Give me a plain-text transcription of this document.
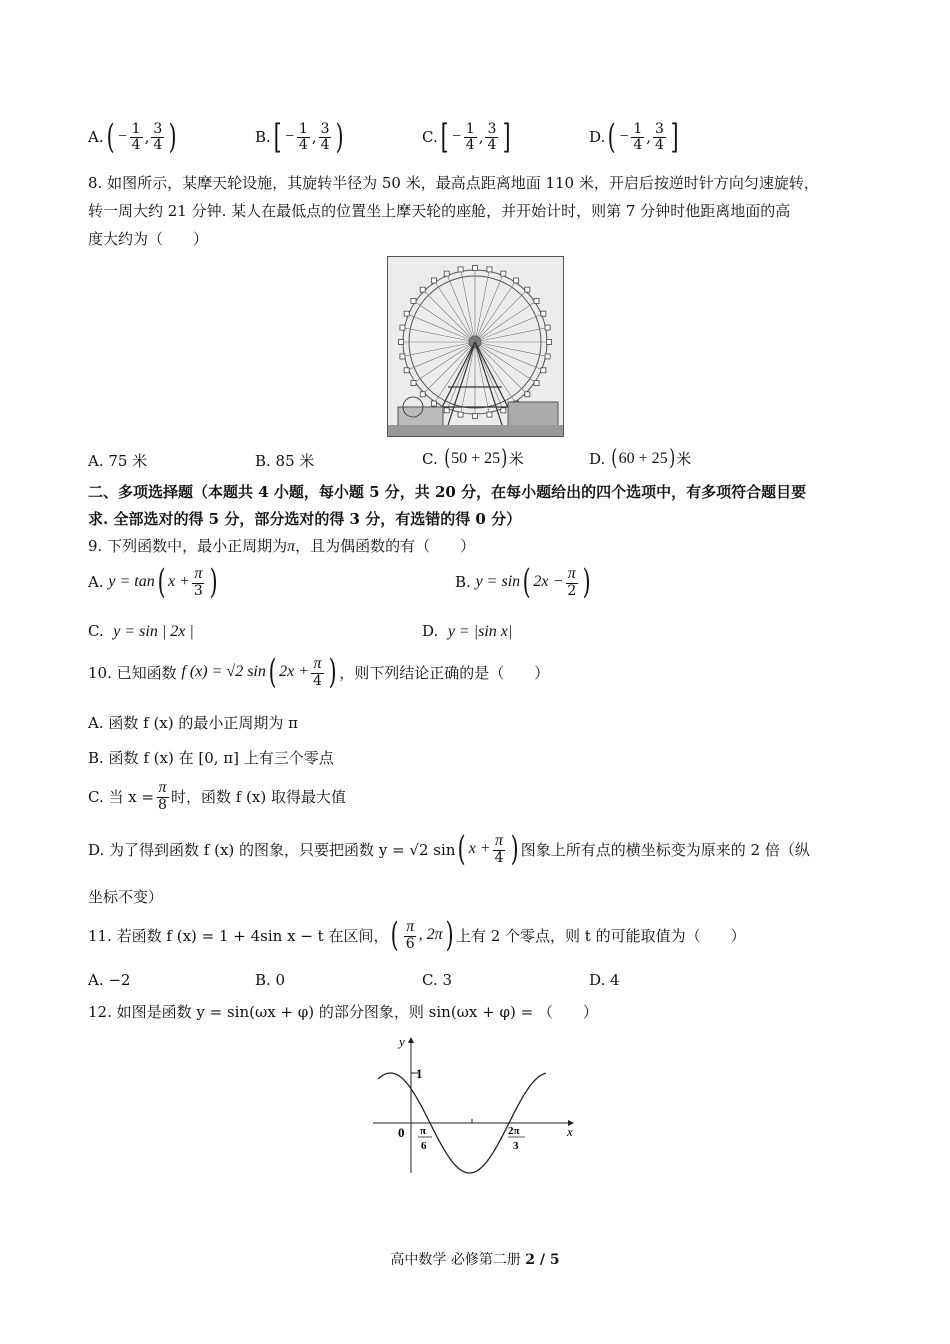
A. ( − $\frac{1}{4}$ , $\frac{3}{4}$ )	B. [ − $\frac{1}{4}$ , $\frac{3}{4}$ )	C. [ − $\frac{1}{4}$ , $\frac{3}{4}$ ]	D. ( − $\frac{1}{4}$ , $\frac{3}{4}$ ]
8. 如图所示，某摩天轮设施，其旋转半径为 50 米，最高点距离地面 110 米，开启后按逆时针方向匀速旋转，
转一周大约 21 分钟. 某人在最低点的位置坐上摩天轮的座舱，并开始计时，则第 7 分钟时他距离地面的高
度大约为（　　）
A. 75 米	B. 85 米	C.
( 50 + 25 ) 米	D.
( 60 + 25 ) 米
二、多项选择题（本题共 4 小题，每小题 5 分，共 20 分，在每小题给出的四个选项中，有多项符合题目要
求. 全部选对的得 5 分，部分选对的得 3 分，有选错的得 0 分）
9. 下列函数中，最小正周期为π，且为偶函数的有（　　）
A.
y = tan ( $x + \frac{\pi}{3}$ )	B.
y = sin ( $2x - \frac{\pi}{2}$ )
C. y = sin | 2x |	D. y = |sin x|
10. 已知函数
f (x) = √2 sin ( $2x + \frac{\pi}{4}$ ) ，则下列结论正确的是（　　）
A. 函数 f (x) 的最小正周期为 π
B. 函数 f (x) 在 [0, π] 上有三个零点
C. 当 $x = \frac{\pi}{8}$ 时，函数 f (x) 取得最大值
D. 为了得到函数 f (x) 的图象，只要把函数 y = √2 sin ( $x + \frac{\pi}{4}$ ) 图象上所有点的横坐标变为原来的 2 倍（纵
坐标不变）
11. 若函数 f (x) = 1 + 4sin x − t 在区间， ( $\frac{\pi}{6}$ , 2π ) 上有 2 个零点，则 t 的可能取值为（　　）
A. −2	B. 0	C. 3	D. 4
12. 如图是函数 y = sin(ωx + φ) 的部分图象，则 sin(ωx + φ) = （　　）
y
x
0
1
π
6
2π
3
高中数学 必修第二册 2 / 5
